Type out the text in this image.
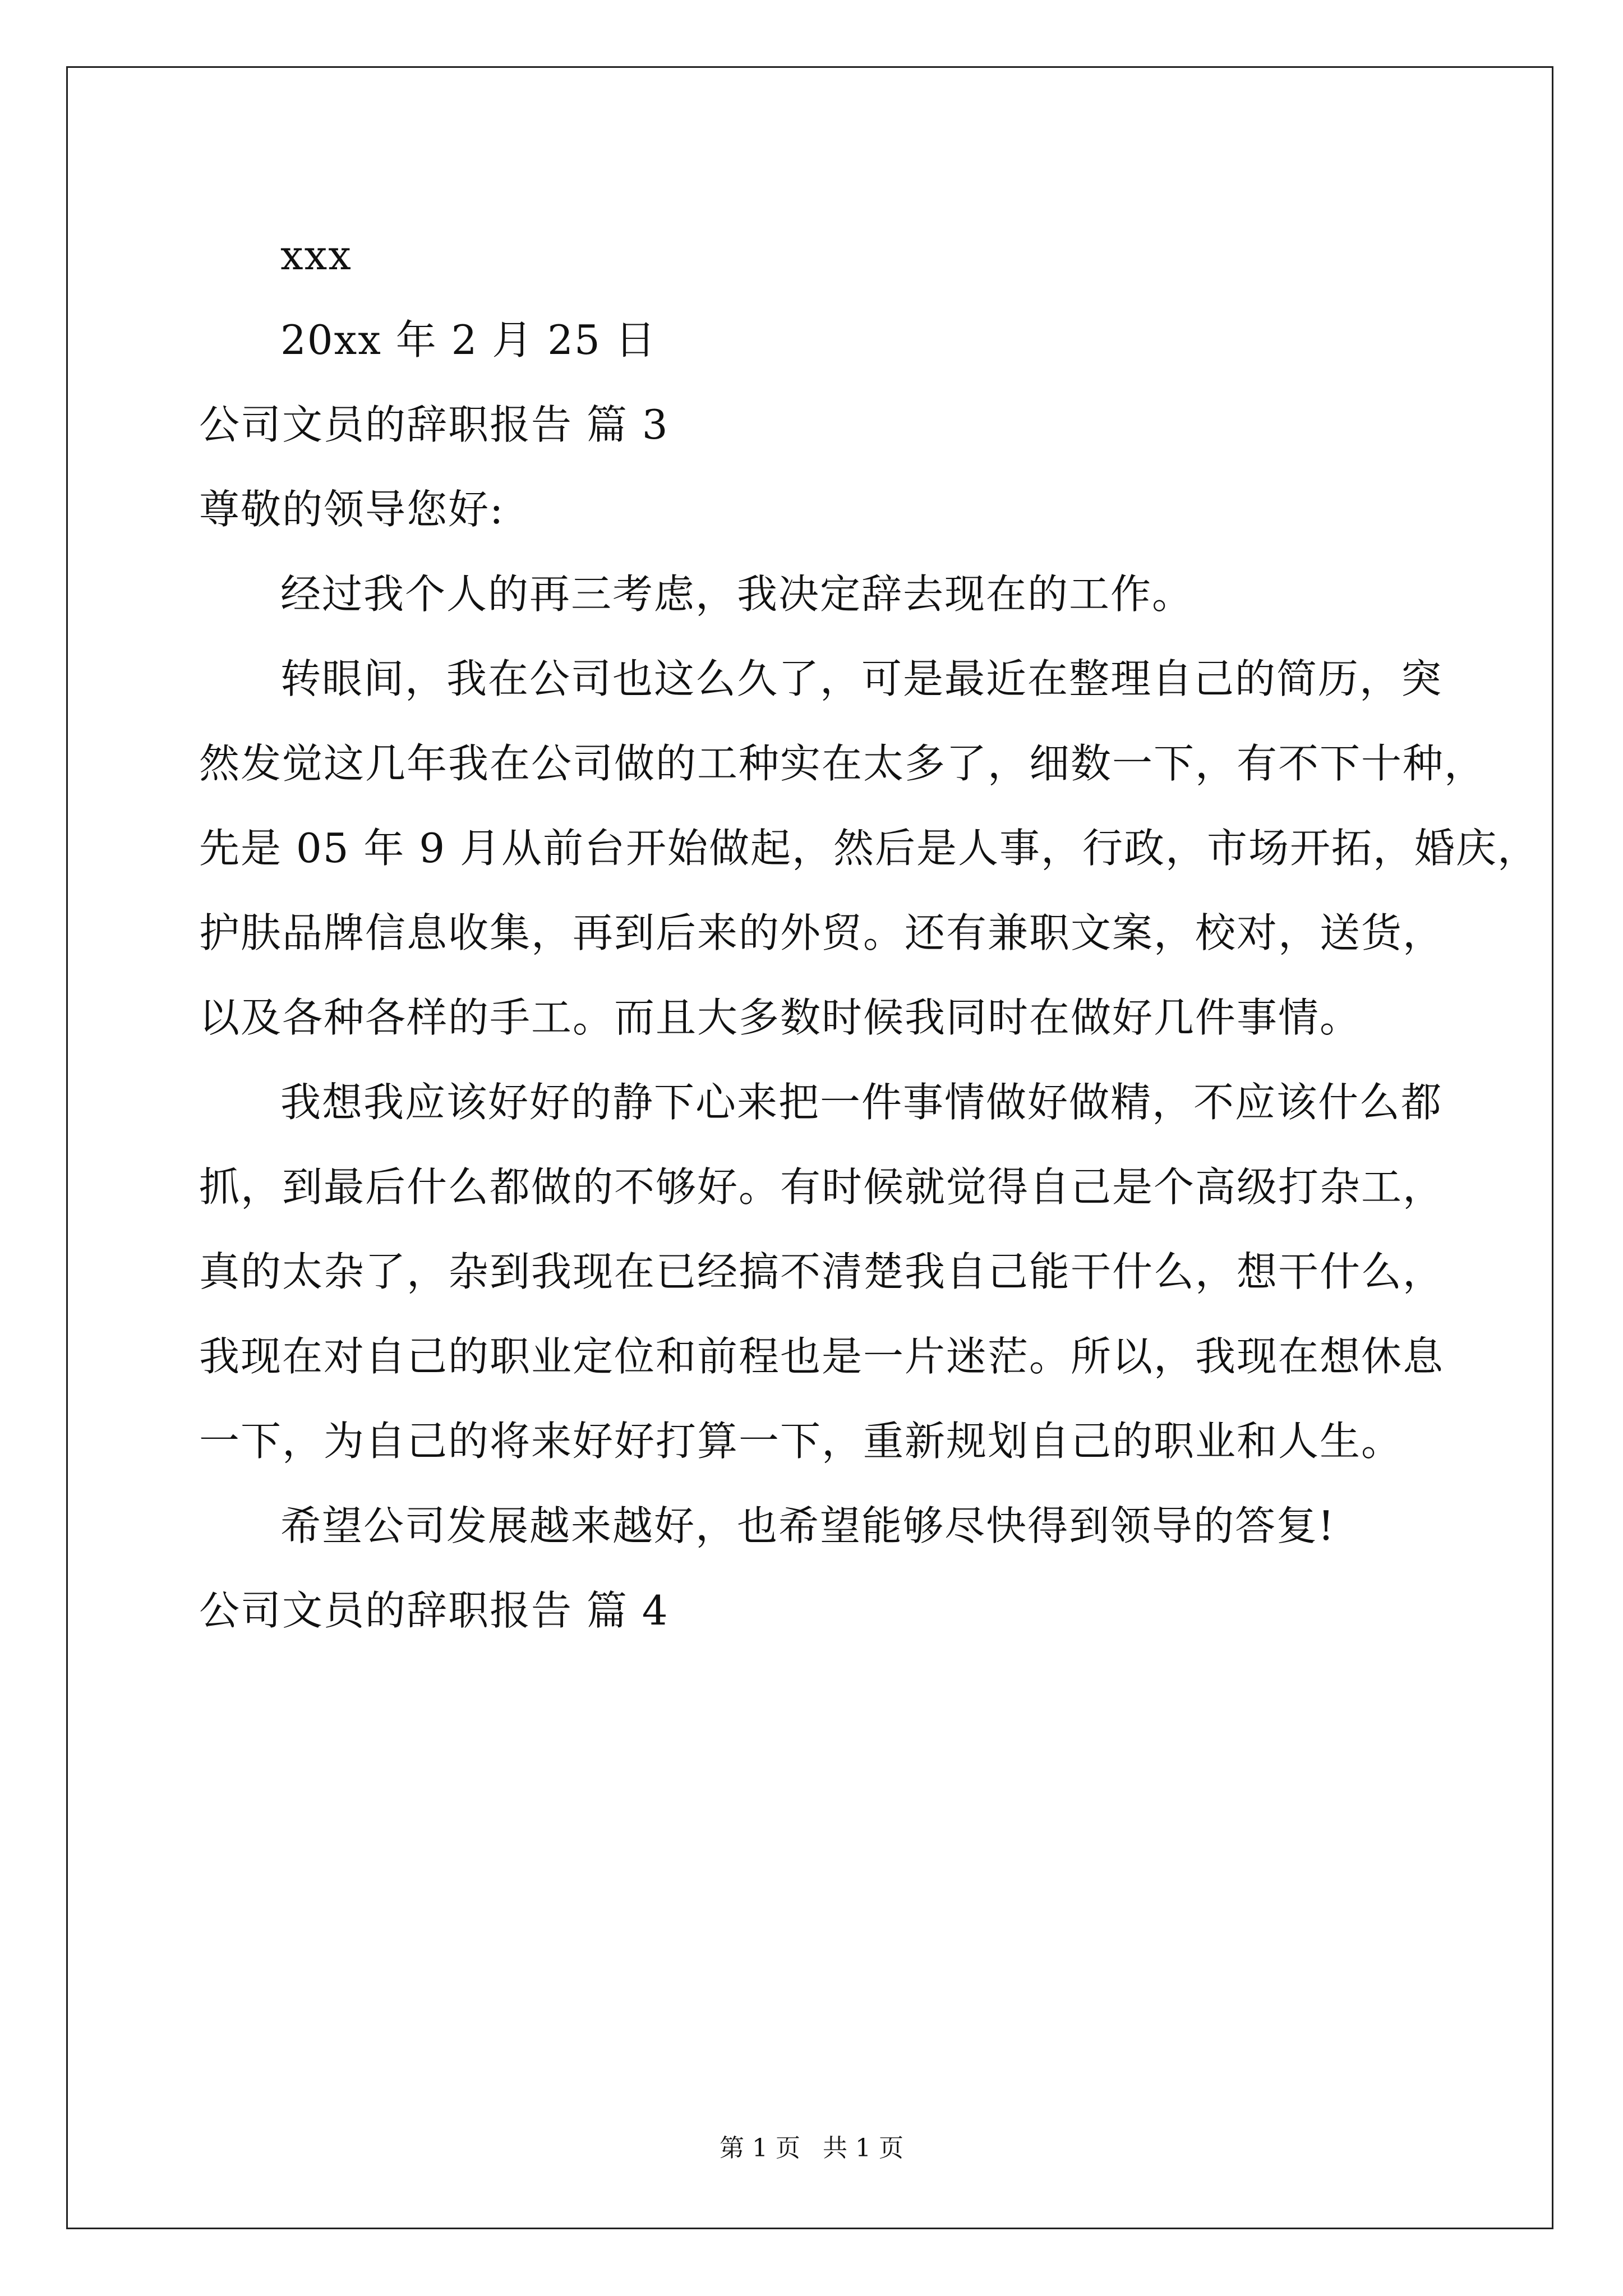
xxx
20xx 年 2 月 25 日
公司文员的辞职报告 篇 3
尊敬的领导您好:
经过我个人的再三考虑，我决定辞去现在的工作。
转眼间，我在公司也这么久了，可是最近在整理自己的简历，突
然发觉这几年我在公司做的工种实在太多了，细数一下，有不下十种，
先是 05 年 9 月从前台开始做起，然后是人事，行政，市场开拓，婚庆，
护肤品牌信息收集，再到后来的外贸。还有兼职文案，校对，送货，
以及各种各样的手工。而且大多数时候我同时在做好几件事情。
我想我应该好好的静下心来把一件事情做好做精，不应该什么都
抓，到最后什么都做的不够好。有时候就觉得自己是个高级打杂工，
真的太杂了，杂到我现在已经搞不清楚我自己能干什么，想干什么，
我现在对自己的职业定位和前程也是一片迷茫。所以，我现在想休息
一下，为自己的将来好好打算一下，重新规划自己的职业和人生。
希望公司发展越来越好，也希望能够尽快得到领导的答复!
公司文员的辞职报告 篇 4
第 1 页 共 1 页
